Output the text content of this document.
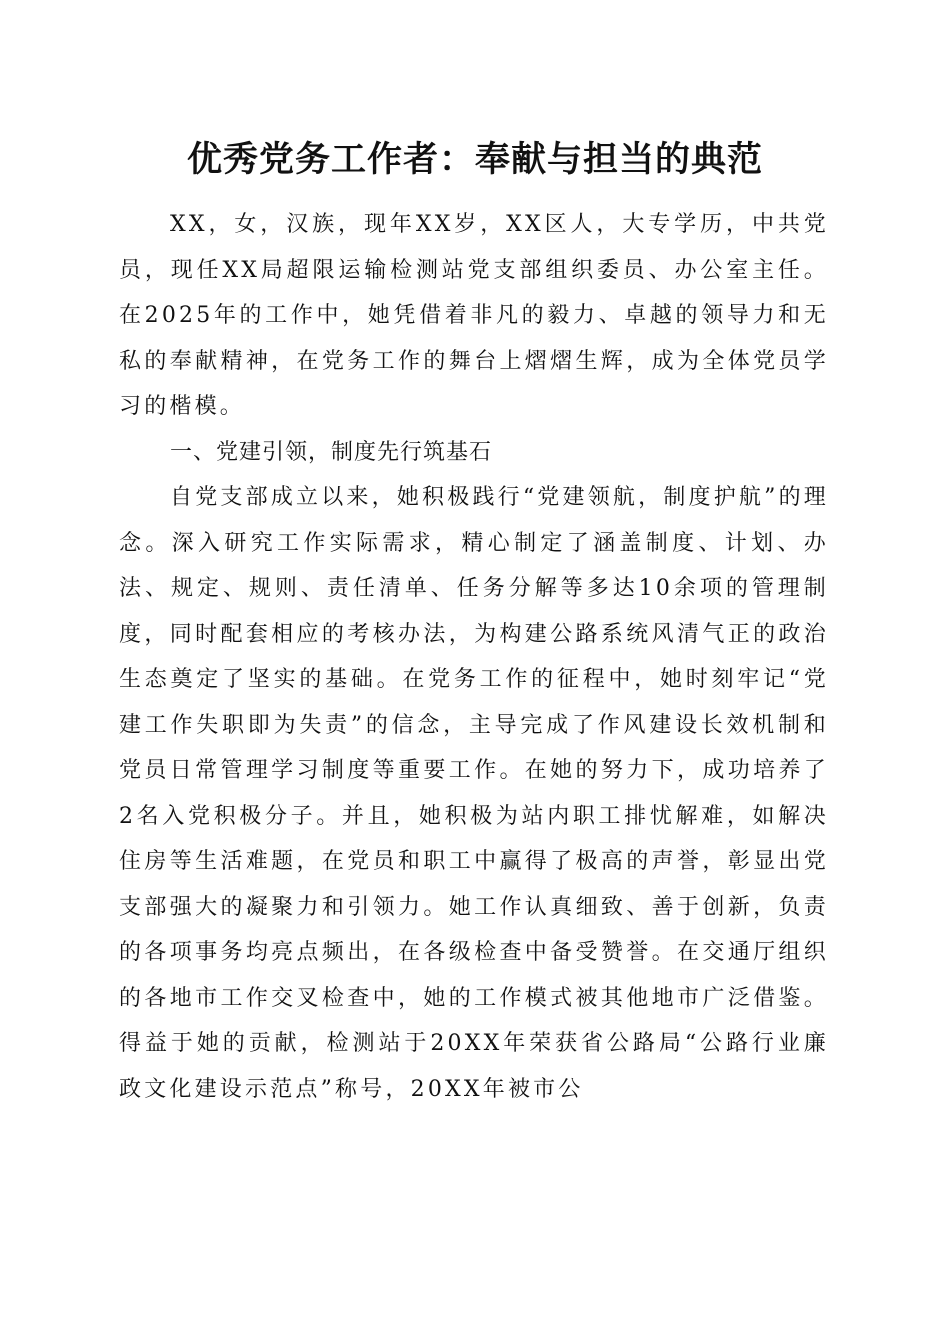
优秀党务工作者：奉献与担当的典范

XX，女，汉族，现年XX岁，XX区人，大专学历，中共党员，现任XX局超限运输检测站党支部组织委员、办公室主任。在2025年的工作中，她凭借着非凡的毅力、卓越的领导力和无私的奉献精神，在党务工作的舞台上熠熠生辉，成为全体党员学习的楷模。

一、党建引领，制度先行筑基石

自党支部成立以来，她积极践行“党建领航，制度护航”的理念。深入研究工作实际需求，精心制定了涵盖制度、计划、办法、规定、规则、责任清单、任务分解等多达10余项的管理制度，同时配套相应的考核办法，为构建公路系统风清气正的政治生态奠定了坚实的基础。在党务工作的征程中，她时刻牢记“党建工作失职即为失责”的信念，主导完成了作风建设长效机制和党员日常管理学习制度等重要工作。在她的努力下，成功培养了2名入党积极分子。并且，她积极为站内职工排忧解难，如解决住房等生活难题，在党员和职工中赢得了极高的声誉，彰显出党支部强大的凝聚力和引领力。她工作认真细致、善于创新，负责的各项事务均亮点频出，在各级检查中备受赞誉。在交通厅组织的各地市工作交叉检查中，她的工作模式被其他地市广泛借鉴。得益于她的贡献，检测站于20XX年荣获省公路局“公路行业廉政文化建设示范点”称号，20XX年被市公
